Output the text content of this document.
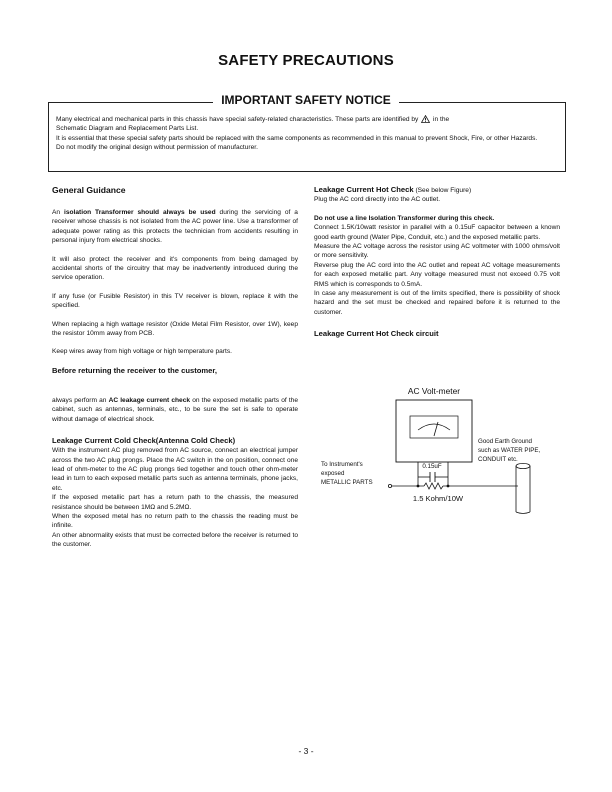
SAFETY PRECAUTIONS
IMPORTANT SAFETY NOTICE

Many electrical and mechanical parts in this chassis have special safety-related characteristics. These parts are identified by in the

Schematic Diagram and Replacement Parts List.

It is essential that these special safety parts should be replaced with the same components as recommended in this manual to prevent Shock, Fire, or other Hazards.

Do not modify the original design without permission of manufacturer.

General Guidance

An isolation Transformer should always be used during the servicing of a receiver whose chassis is not isolated from the AC power line. Use a transformer of adequate power rating as this protects the technician from accidents resulting in personal injury from electrical shocks.

It will also protect the receiver and it's components from being damaged by accidental shorts of the circuitry that may be inadvertently introduced during the service operation.

If any fuse (or Fusible Resistor) in this TV receiver is blown, replace it with the specified.

When replacing a high wattage resistor (Oxide Metal Film Resistor, over 1W), keep the resistor 10mm away from PCB.

Keep wires away from high voltage or high temperature parts.

Before returning the receiver to the customer,

always perform an AC leakage current check on the exposed metallic parts of the cabinet, such as antennas, terminals, etc., to be sure the set is safe to operate without damage of electrical shock.

Leakage Current Cold Check(Antenna Cold Check)

With the instrument AC plug removed from AC source, connect an electrical jumper across the two AC plug prongs. Place the AC switch in the on position, connect one lead of ohm-meter to the AC plug prongs tied together and touch other ohm-meter lead in turn to each exposed metallic parts such as antenna terminals, phone jacks, etc.

If the exposed metallic part has a return path to the chassis, the measured resistance should be between 1MΩ and 5.2MΩ.

When the exposed metal has no return path to the chassis the reading must be infinite.

An other abnormality exists that must be corrected before the receiver is returned to the customer.

Leakage Current Hot Check (See below Figure)

Plug the AC cord directly into the AC outlet.

Do not use a line Isolation Transformer during this check.

Connect 1.5K/10watt resistor in parallel with a 0.15uF capacitor between a known good earth ground (Water Pipe, Conduit, etc.) and the exposed metallic parts.

Measure the AC voltage across the resistor using AC voltmeter with 1000 ohms/volt or more sensitivity.

Reverse plug the AC cord into the AC outlet and repeat AC voltage measurements for each exposed metallic part. Any voltage measured must not exceed 0.75 volt RMS which is corresponds to 0.5mA.

In case any measurement is out of the limits specified, there is possibility of shock hazard and the set must be checked and repaired before it is returned to the customer.

Leakage Current Hot Check circuit

AC Volt-meter
0.15uF
1.5 Kohm/10W
To Instrument's
exposed
METALLIC PARTS
Good Earth Ground
such as WATER PIPE,
CONDUIT etc.
- 3 -
